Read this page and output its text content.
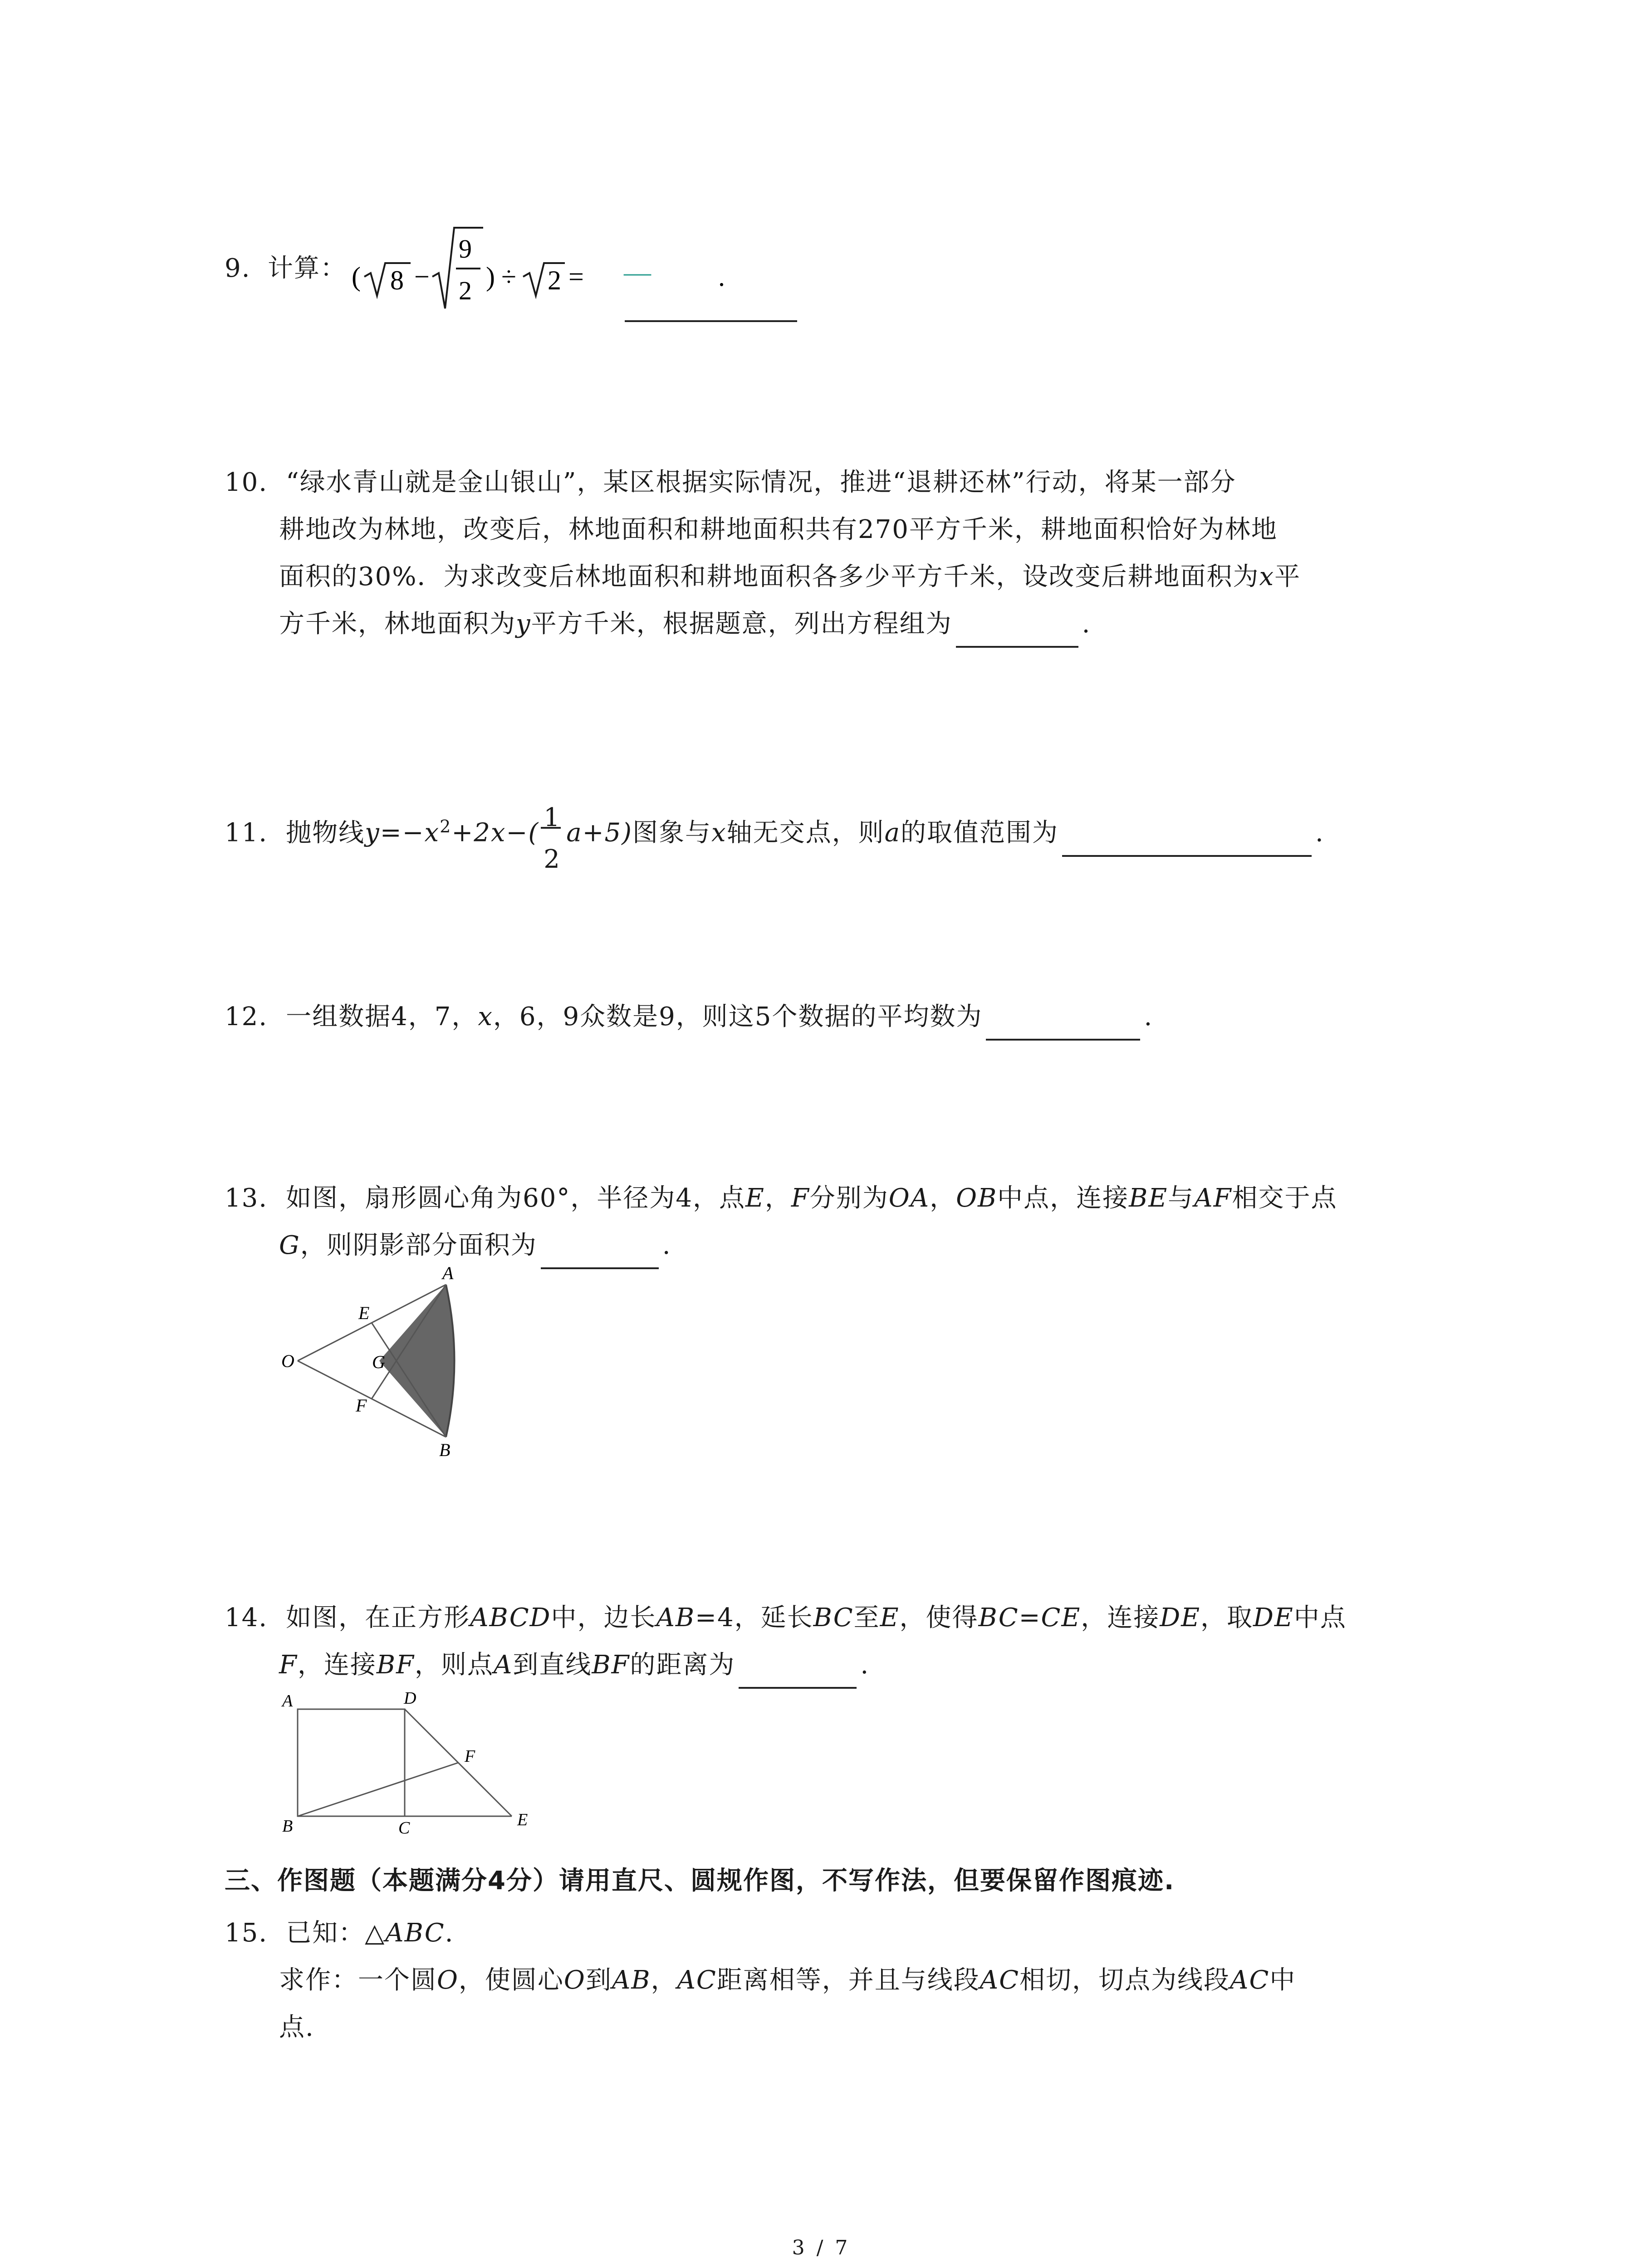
9. 计算： ( 8 −
9
2 ) ÷ 2 = — .
10. “绿水青山就是金山银山”，某区根据实际情况，推进“退耕还林”行动，将某一部分
耕地改为林地，改变后，林地面积和耕地面积共有270平方千米，耕地面积恰好为林地
面积的30%．为求改变后林地面积和耕地面积各多少平方千米，设改变后耕地面积为x平
方千米，林地面积为y平方千米，根据题意，列出方程组为	.
11. 抛物线$y=-x^2+2x-( \frac{1}{2} a+5)$图象与x轴无交点，则a的取值范围为	.
12. 一组数据4，7，x，6，9众数是9，则这5个数据的平均数为	.
13. 如图，扇形圆心角为60°，半径为4，点E，F分别为OA，OB中点，连接BE与AF相交于点
G，则阴影部分面积为	.
O
E
G
F
A
B
14. 如图，在正方形ABCD中，边长AB=4，延长BC至E，使得BC=CE，连接DE，取DE中点
F，连接BF，则点A到直线BF的距离为	.
A	D
F
B	C	E
三、作图题（本题满分4分）请用直尺、圆规作图，不写作法，但要保留作图痕迹.
15. 已知：△ABC.
求作：一个圆O，使圆心O到AB，AC距离相等，并且与线段AC相切，切点为线段AC中
点.
3 / 7
